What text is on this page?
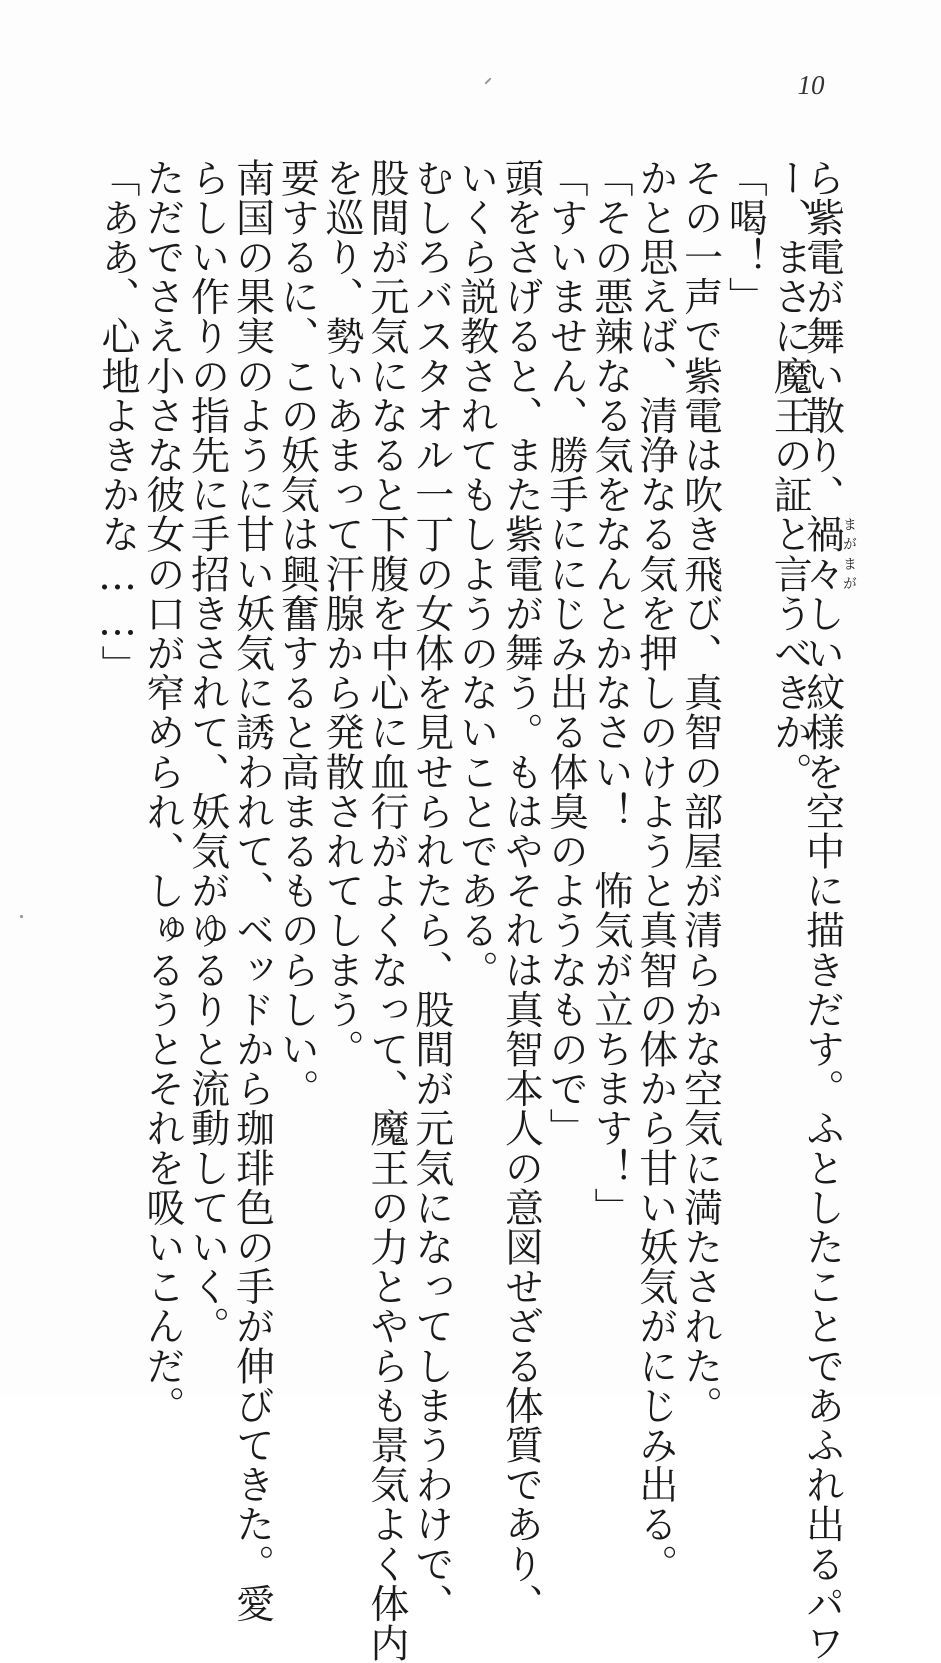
10
ら紫電が舞い散り、禍々まがまがしい紋様を空中に描きだす。ふとしたことであふれ出るパワ
ー、まさに魔王の証と言うべきか。
「喝！」
その一声で紫電は吹き飛び、真智の部屋が清らかな空気に満たされた。
かと思えば、清浄なる気を押しのけようと真智の体から甘い妖気がにじみ出る。
「その悪辣なる気をなんとかなさい！　怖気が立ちます！」
「すいません、勝手ににじみ出る体臭のようなもので」
頭をさげると、また紫電が舞う。もはやそれは真智本人の意図せざる体質であり、
いくら説教されてもしようのないことである。
むしろバスタオル一丁の女体を見せられたら、股間が元気になってしまうわけで、
股間が元気になると下腹を中心に血行がよくなって、魔王の力とやらも景気よく体内
を巡り、勢いあまって汗腺から発散されてしまう。
要するに、この妖気は興奮すると高まるものらしい。
南国の果実のように甘い妖気に誘われて、ベッドから珈琲色の手が伸びてきた。愛
らしい作りの指先に手招きされて、妖気がゆるりと流動していく。
ただでさえ小さな彼女の口が窄められ、しゅるうとそれを吸いこんだ。
「ああ、心地よきかな……」
